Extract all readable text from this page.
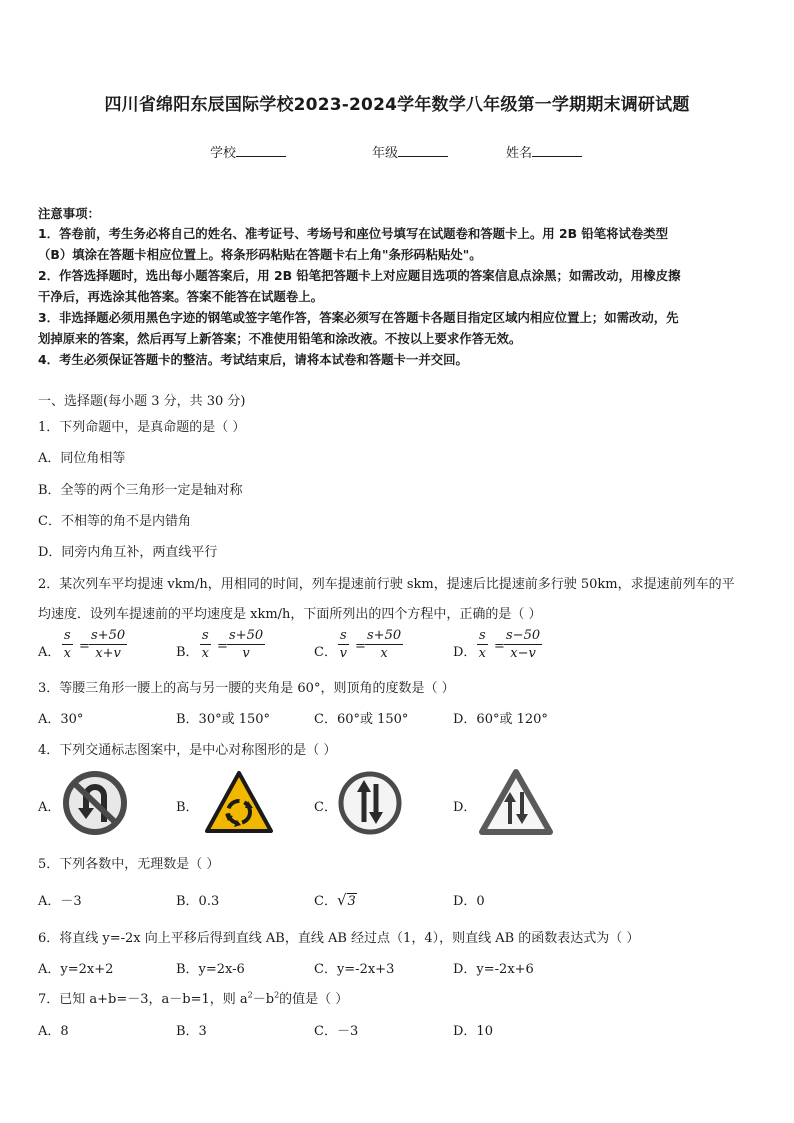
四川省绵阳东辰国际学校2023-2024学年数学八年级第一学期期末调研试题
学校	年级	姓名
注意事项：
1．答卷前，考生务必将自己的姓名、准考证号、考场号和座位号填写在试题卷和答题卡上。用 2B 铅笔将试卷类型
（B）填涂在答题卡相应位置上。将条形码粘贴在答题卡右上角"条形码粘贴处"。
2．作答选择题时，选出每小题答案后，用 2B 铅笔把答题卡上对应题目选项的答案信息点涂黑；如需改动，用橡皮擦
干净后，再选涂其他答案。答案不能答在试题卷上。
3．非选择题必须用黑色字迹的钢笔或签字笔作答，答案必须写在答题卡各题目指定区域内相应位置上；如需改动，先
划掉原来的答案，然后再写上新答案；不准使用铅笔和涂改液。不按以上要求作答无效。
4．考生必须保证答题卡的整洁。考试结束后，请将本试卷和答题卡一并交回。
一、选择题(每小题 3 分，共 30 分)
1．下列命题中，是真命题的是（ ）
A．同位角相等
B．全等的两个三角形一定是轴对称
C．不相等的角不是内错角
D．同旁内角互补，两直线平行
2．某次列车平均提速 vkm/h，用相同的时间，列车提速前行驶 skm，提速后比提速前多行驶 50km，求提速前列车的平
均速度．设列车提速前的平均速度是 xkm/h，下面所列出的四个方程中，正确的是（ ）
A． $\frac{s}{x} = \frac{s+50}{x+v}$	B． $\frac{s}{x} = \frac{s+50}{v}$	C． $\frac{s}{v} = \frac{s+50}{x}$	D． $\frac{s}{x} = \frac{s-50}{x-v}$
3．等腰三角形一腰上的高与另一腰的夹角是 60°，则顶角的度数是（ ）
A．30°	B．30°或 150°	C．60°或 150°	D．60°或 120°
4．下列交通标志图案中，是中心对称图形的是（ ）
A．	B．	C．	D．
5．下列各数中，无理数是（ ）
A．－3	B．0.3	C．√3	D．0
6．将直线 y=-2x 向上平移后得到直线 AB，直线 AB 经过点（1，4），则直线 AB 的函数表达式为（ ）
A．y=2x+2	B．y=2x-6	C．y=-2x+3	D．y=-2x+6
7．已知 a+b=－3，a－b=1，则 $a^2-b^2$的值是（ ）
A．8	B．3	C．－3	D．10
